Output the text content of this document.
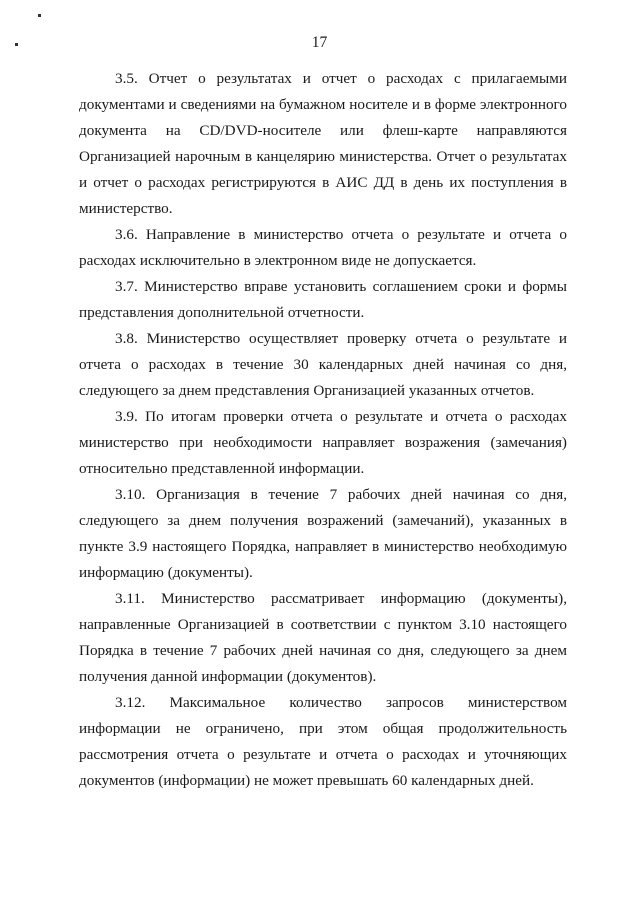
17

3.5. Отчет о результатах и отчет о расходах с прилагаемыми документами и сведениями на бумажном носителе и в форме электронного документа на CD/DVD-носителе или флеш-карте направляются Организацией нарочным в канцелярию министерства. Отчет о результатах и отчет о расходах регистрируются в АИС ДД в день их поступления в министерство.

3.6. Направление в министерство отчета о результате и отчета о расходах исключительно в электронном виде не допускается.

3.7. Министерство вправе установить соглашением сроки и формы представления дополнительной отчетности.

3.8. Министерство осуществляет проверку отчета о результате и отчета о расходах в течение 30 календарных дней начиная со дня, следующего за днем представления Организацией указанных отчетов.

3.9. По итогам проверки отчета о результате и отчета о расходах министерство при необходимости направляет возражения (замечания) относительно представленной информации.

3.10. Организация в течение 7 рабочих дней начиная со дня, следующего за днем получения возражений (замечаний), указанных в пункте 3.9 настоящего Порядка, направляет в министерство необходимую информацию (документы).

3.11. Министерство рассматривает информацию (документы), направленные Организацией в соответствии с пунктом 3.10 настоящего Порядка в течение 7 рабочих дней начиная со дня, следующего за днем получения данной информации (документов).

3.12. Максимальное количество запросов министерством информации не ограничено, при этом общая продолжительность рассмотрения отчета о результате и отчета о расходах и уточняющих документов (информации) не может превышать 60 календарных дней.
